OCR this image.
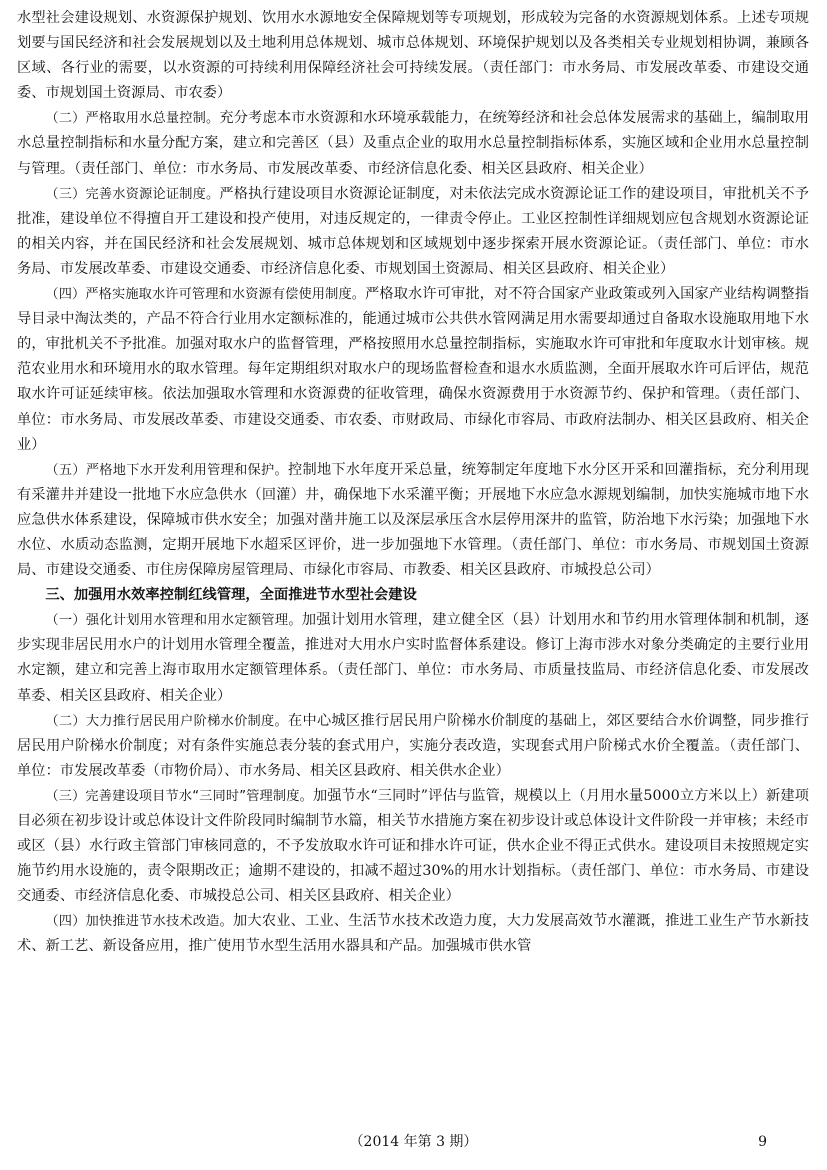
水型社会建设规划、水资源保护规划、饮用水水源地安全保障规划等专项规划，形成较为完备的水资源规划体系。上述专项规划要与国民经济和社会发展规划以及土地利用总体规划、城市总体规划、环境保护规划以及各类相关专业规划相协调，兼顾各区域、各行业的需要，以水资源的可持续利用保障经济社会可持续发展。（责任部门：市水务局、市发展改革委、市建设交通委、市规划国土资源局、市农委）

（二）严格取用水总量控制。充分考虑本市水资源和水环境承载能力，在统筹经济和社会总体发展需求的基础上，编制取用水总量控制指标和水量分配方案，建立和完善区（县）及重点企业的取用水总量控制指标体系，实施区域和企业用水总量控制与管理。（责任部门、单位：市水务局、市发展改革委、市经济信息化委、相关区县政府、相关企业）

（三）完善水资源论证制度。严格执行建设项目水资源论证制度，对未依法完成水资源论证工作的建设项目，审批机关不予批准，建设单位不得擅自开工建设和投产使用，对违反规定的，一律责令停止。工业区控制性详细规划应包含规划水资源论证的相关内容，并在国民经济和社会发展规划、城市总体规划和区域规划中逐步探索开展水资源论证。（责任部门、单位：市水务局、市发展改革委、市建设交通委、市经济信息化委、市规划国土资源局、相关区县政府、相关企业）

（四）严格实施取水许可管理和水资源有偿使用制度。严格取水许可审批，对不符合国家产业政策或列入国家产业结构调整指导目录中淘汰类的，产品不符合行业用水定额标准的，能通过城市公共供水管网满足用水需要却通过自备取水设施取用地下水的，审批机关不予批准。加强对取水户的监督管理，严格按照用水总量控制指标，实施取水许可审批和年度取水计划审核。规范农业用水和环境用水的取水管理。每年定期组织对取水户的现场监督检查和退水水质监测，全面开展取水许可后评估，规范取水许可证延续审核。依法加强取水管理和水资源费的征收管理，确保水资源费用于水资源节约、保护和管理。（责任部门、单位：市水务局、市发展改革委、市建设交通委、市农委、市财政局、市绿化市容局、市政府法制办、相关区县政府、相关企业）

（五）严格地下水开发利用管理和保护。控制地下水年度开采总量，统筹制定年度地下水分区开采和回灌指标，充分利用现有采灌井并建设一批地下水应急供水（回灌）井，确保地下水采灌平衡；开展地下水应急水源规划编制，加快实施城市地下水应急供水体系建设，保障城市供水安全；加强对凿井施工以及深层承压含水层停用深井的监管，防治地下水污染；加强地下水水位、水质动态监测，定期开展地下水超采区评价，进一步加强地下水管理。（责任部门、单位：市水务局、市规划国土资源局、市建设交通委、市住房保障房屋管理局、市绿化市容局、市教委、相关区县政府、市城投总公司）

三、加强用水效率控制红线管理，全面推进节水型社会建设

（一）强化计划用水管理和用水定额管理。加强计划用水管理，建立健全区（县）计划用水和节约用水管理体制和机制，逐步实现非居民用水户的计划用水管理全覆盖，推进对大用水户实时监督体系建设。修订上海市涉水对象分类确定的主要行业用水定额，建立和完善上海市取用水定额管理体系。（责任部门、单位：市水务局、市质量技监局、市经济信息化委、市发展改革委、相关区县政府、相关企业）

（二）大力推行居民用户阶梯水价制度。在中心城区推行居民用户阶梯水价制度的基础上，郊区要结合水价调整，同步推行居民用户阶梯水价制度；对有条件实施总表分装的套式用户，实施分表改造，实现套式用户阶梯式水价全覆盖。（责任部门、单位：市发展改革委（市物价局）、市水务局、相关区县政府、相关供水企业）

（三）完善建设项目节水“三同时”管理制度。加强节水“三同时”评估与监管，规模以上（月用水量5000立方米以上）新建项目必须在初步设计或总体设计文件阶段同时编制节水篇，相关节水措施方案在初步设计或总体设计文件阶段一并审核；未经市或区（县）水行政主管部门审核同意的，不予发放取水许可证和排水许可证，供水企业不得正式供水。建设项目未按照规定实施节约用水设施的，责令限期改正；逾期不建设的，扣减不超过30%的用水计划指标。（责任部门、单位：市水务局、市建设交通委、市经济信息化委、市城投总公司、相关区县政府、相关企业）

（四）加快推进节水技术改造。加大农业、工业、生活节水技术改造力度，大力发展高效节水灌溉，推进工业生产节水新技术、新工艺、新设备应用，推广使用节水型生活用水器具和产品。加强城市供水管

（2014 年第 3 期）	9
